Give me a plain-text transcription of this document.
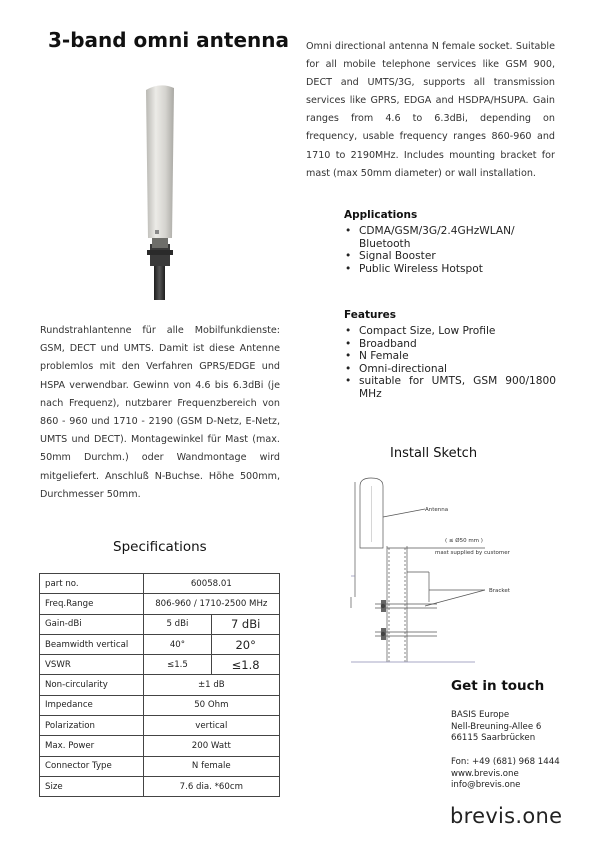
3-band omni antenna Omni directional antenna N female socket. Suitable for all mobile telephone services like GSM 900, DECT and UMTS/3G, supports all transmission services like GPRS, EDGA and HSDPA/HSUPA. Gain ranges from 4.6 to 6.3dBi, depending on frequency, usable frequency ranges 860-960 and 1710 to 2190MHz. Includes mounting bracket for mast (max 50mm diameter) or wall installation.
Applications
• CDMA/GSM/3G/2.4GHzWLAN/ Bluetooth
• Signal Booster
• Public Wireless Hotspot
Features
• Compact Size, Low Profile
• Broadband
• N Female
• Omni-directional
• suitable for UMTS, GSM 900/1800 MHz
Rundstrahlantenne für alle Mobilfunkdienste: GSM, DECT und UMTS. Damit ist diese Antenne problemlos mit den Verfahren GPRS/EDGE und HSPA verwendbar. Gewinn von 4.6 bis 6.3dBi (je nach Frequenz), nutzbarer Frequenzbereich von 860 - 960 und 1710 - 2190 (GSM D-Netz, E-Netz, UMTS und DECT). Montagewinkel für Mast (max. 50mm Durchm.) oder Wandmontage wird mitgeliefert. Anschluß N-Buchse. Höhe 500mm, Durchmesser 50mm.
Install Sketch
Antenna
( ≤ Ø50 mm )
mast supplied by customer
Bracket
Specifications
part no.	60058.01	
Freq.Range	806-960 / 1710-2500 MHz	
Gain-dBi	5 dBi	7 dBi
Beamwidth vertical	40°	20°
VSWR	≤1.5	≤1.8
Non-circularity	±1 dB	
Impedance	50 Ohm	
Polarization	vertical	
Max. Power	200 Watt	
Connector Type	N female	
Size	7.6 dia. *60cm	
Get in touch
BASIS Europe
Nell-Breuning-Allee 6
66115 Saarbrücken
Fon: +49 (681) 968 1444
www.brevis.one
info@brevis.one
brevis.one
